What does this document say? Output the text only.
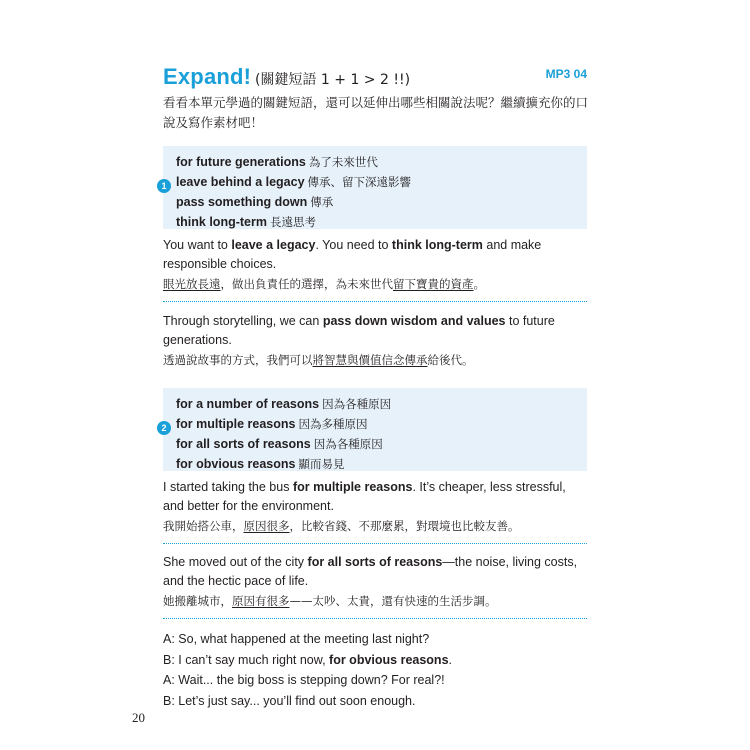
Expand! (關鍵短語 1 + 1 > 2 !!)	MP3 04

看看本單元學過的關鍵短語，還可以延伸出哪些相關說法呢？繼續擴充你的口說及寫作素材吧！

for future generations 為了未來世代
leave behind a legacy 傳承、留下深遠影響
pass something down 傳承
think long-term 長遠思考
1
You want to leave a legacy. You need to think long-term and make responsible choices.
眼光放長遠，做出負責任的選擇，為未來世代留下寶貴的資產。
Through storytelling, we can pass down wisdom and values to future generations.
透過說故事的方式，我們可以將智慧與價值信念傳承給後代。
for a number of reasons 因為各種原因
for multiple reasons 因為多種原因
for all sorts of reasons 因為各種原因
for obvious reasons 顯而易見
2
I started taking the bus for multiple reasons. It’s cheaper, less stressful, and better for the environment.
我開始搭公車，原因很多，比較省錢、不那麼累，對環境也比較友善。
She moved out of the city for all sorts of reasons—the noise, living costs, and the hectic pace of life.
她搬離城市，原因有很多——太吵、太貴，還有快速的生活步調。
A: So, what happened at the meeting last night?
B: I can’t say much right now, for obvious reasons.
A: Wait... the big boss is stepping down? For real?!
B: Let’s just say... you’ll find out soon enough.
20
